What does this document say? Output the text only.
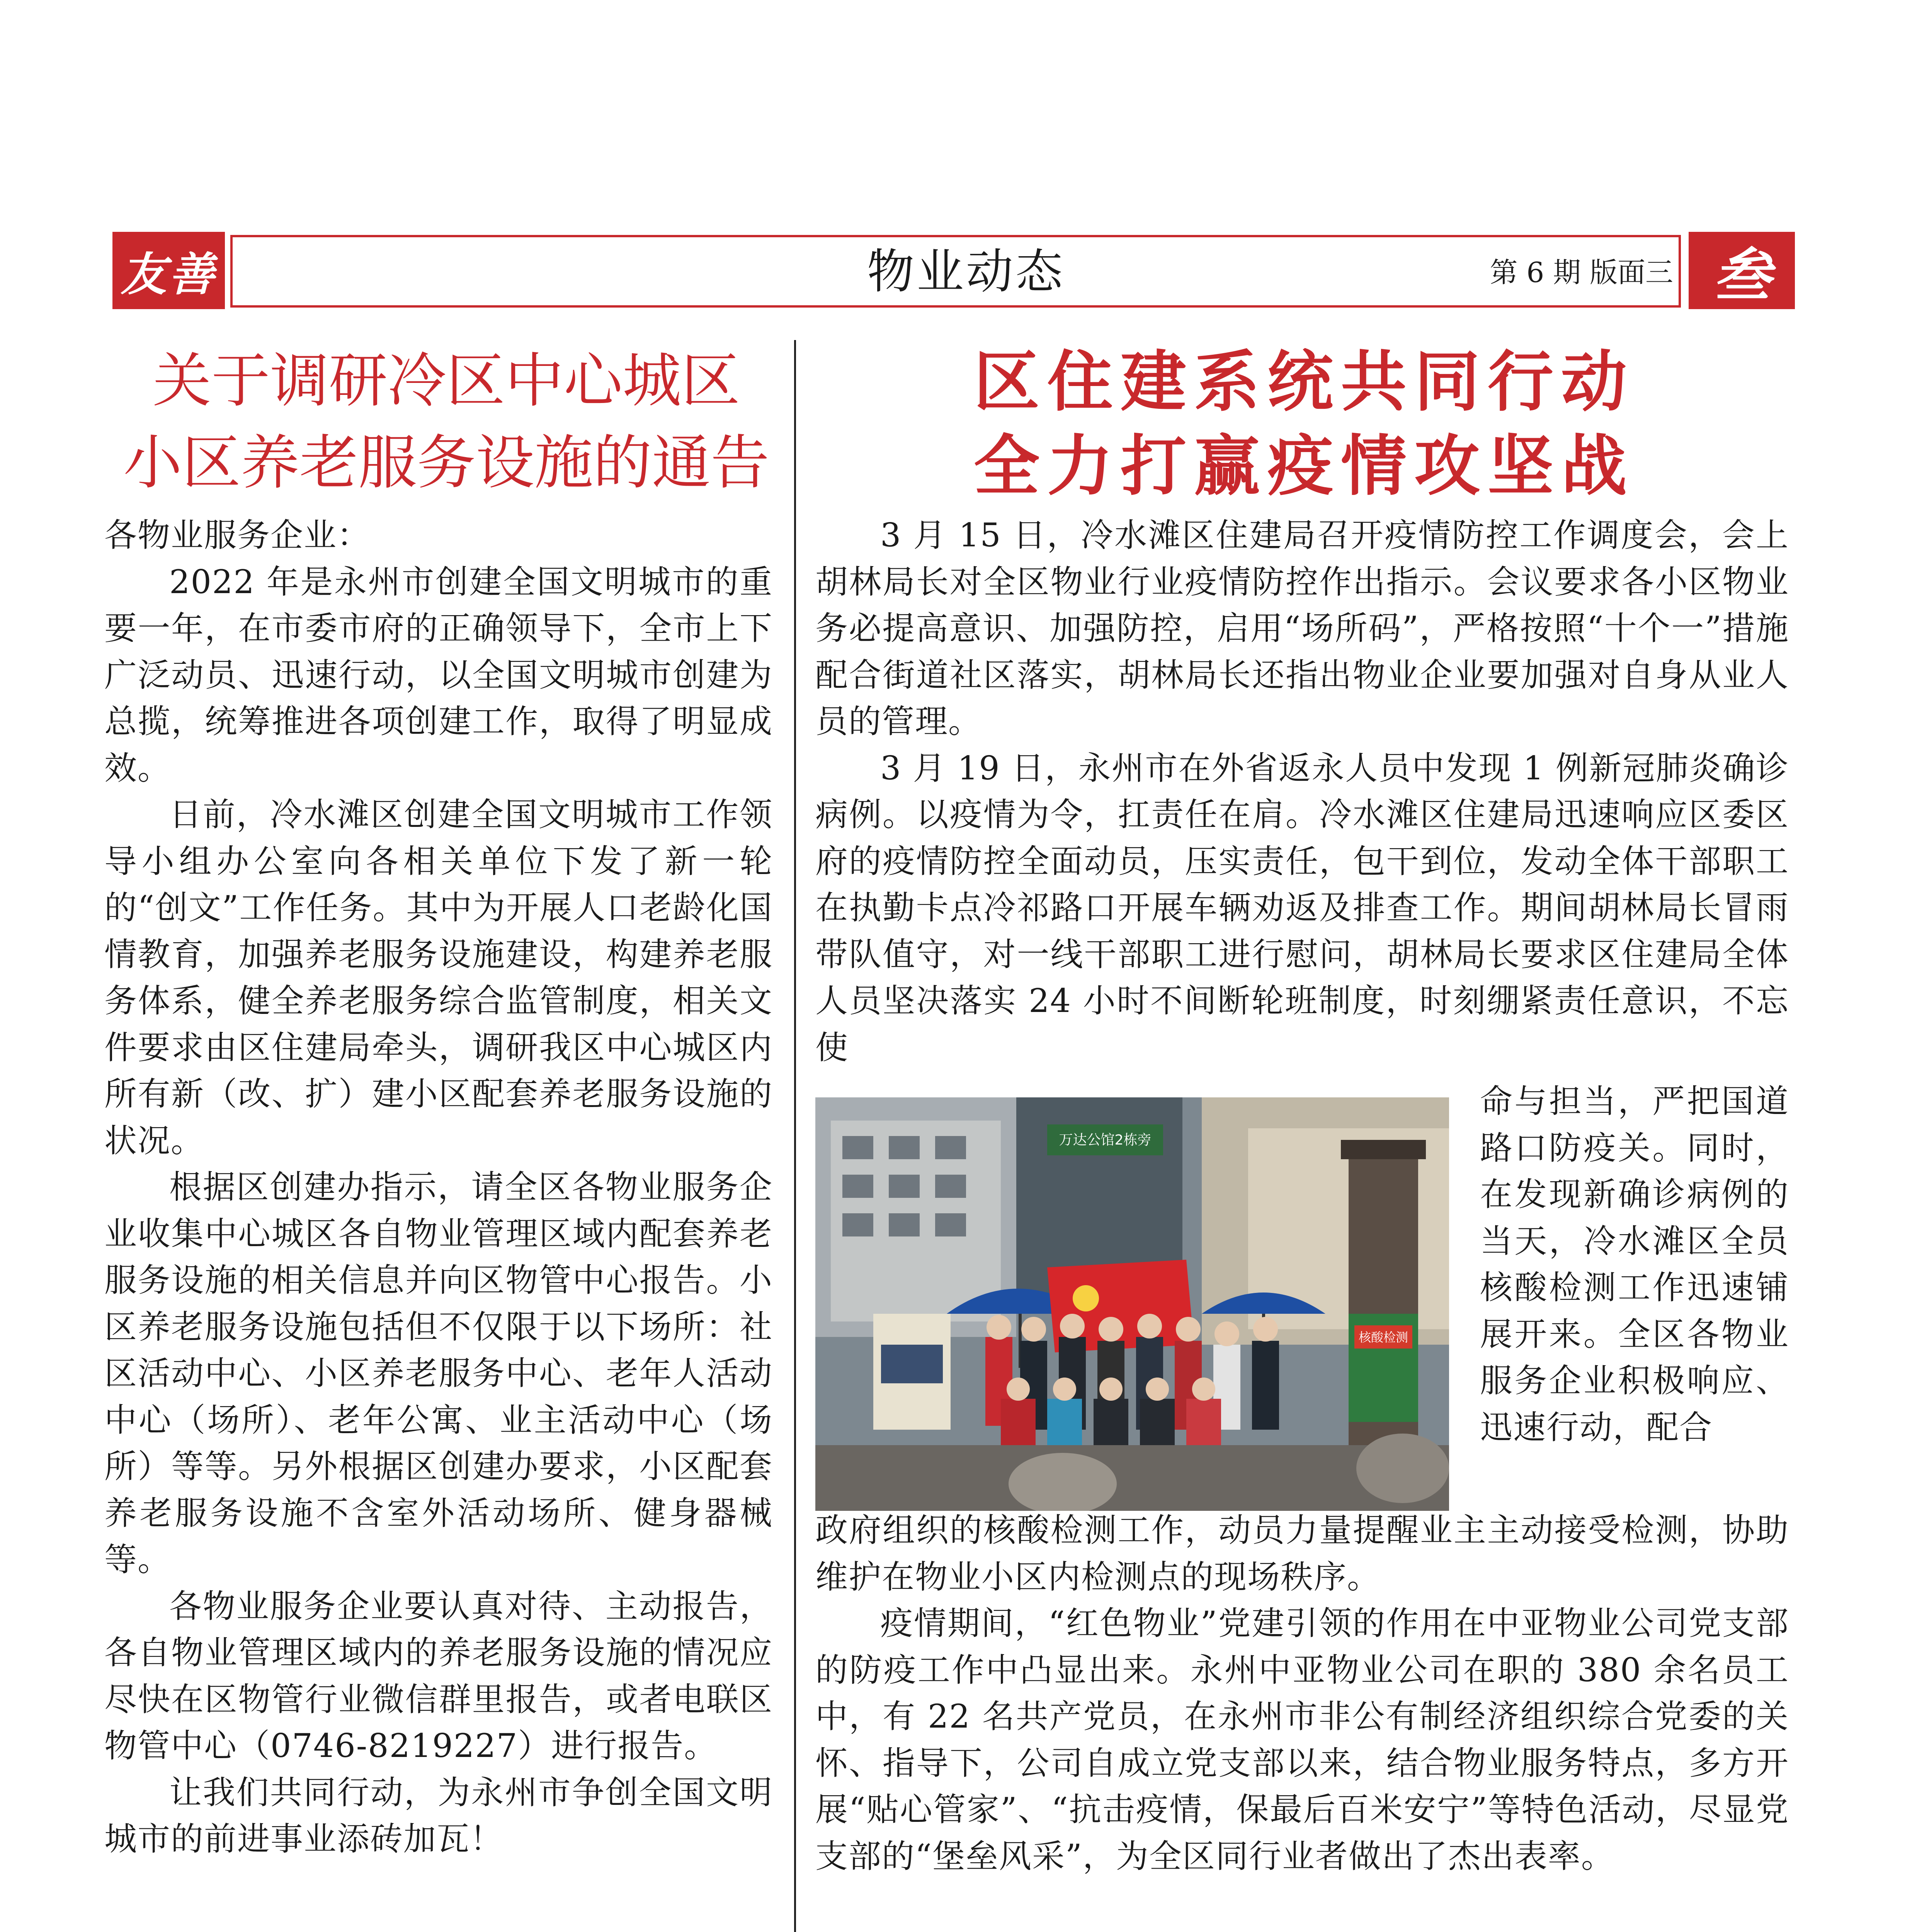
友善	物业动态	第 6 期 版面三 叁
关于调研冷区中心城区
小区养老服务设施的通告

各物业服务企业：

2022 年是永州市创建全国文明城市的重要一年，在市委市府的正确领导下，全市上下广泛动员、迅速行动，以全国文明城市创建为总揽，统筹推进各项创建工作，取得了明显成效。

日前，冷水滩区创建全国文明城市工作领导小组办公室向各相关单位下发了新一轮的“创文”工作任务。其中为开展人口老龄化国情教育，加强养老服务设施建设，构建养老服务体系，健全养老服务综合监管制度，相关文件要求由区住建局牵头，调研我区中心城区内所有新（改、扩）建小区配套养老服务设施的状况。

根据区创建办指示，请全区各物业服务企业收集中心城区各自物业管理区域内配套养老服务设施的相关信息并向区物管中心报告。小区养老服务设施包括但不仅限于以下场所：社区活动中心、小区养老服务中心、老年人活动中心（场所）、老年公寓、业主活动中心（场所）等等。另外根据区创建办要求，小区配套养老服务设施不含室外活动场所、健身器械等。

各物业服务企业要认真对待、主动报告，各自物业管理区域内的养老服务设施的情况应尽快在区物管行业微信群里报告，或者电联区物管中心（0746-8219227）进行报告。

让我们共同行动，为永州市争创全国文明城市的前进事业添砖加瓦！

区住建系统共同行动
全力打赢疫情攻坚战

3 月 15 日，冷水滩区住建局召开疫情防控工作调度会，会上胡林局长对全区物业行业疫情防控作出指示。会议要求各小区物业务必提高意识、加强防控，启用“场所码”，严格按照“十个一”措施配合街道社区落实，胡林局长还指出物业企业要加强对自身从业人员的管理。

3 月 19 日，永州市在外省返永人员中发现 1 例新冠肺炎确诊病例。以疫情为令，扛责任在肩。冷水滩区住建局迅速响应区委区府的疫情防控全面动员，压实责任，包干到位，发动全体干部职工在执勤卡点冷祁路口开展车辆劝返及排查工作。期间胡林局长冒雨带队值守，对一线干部职工进行慰问，胡林局长要求区住建局全体人员坚决落实 24 小时不间断轮班制度，时刻绷紧责任意识，不忘使

万达公馆2栋旁
核酸检测

命与担当，严把国道路口防疫关。同时，在发现新确诊病例的当天，冷水滩区全员核酸检测工作迅速铺展开来。全区各物业服务企业积极响应、迅速行动，配合

政府组织的核酸检测工作，动员力量提醒业主主动接受检测，协助维护在物业小区内检测点的现场秩序。

疫情期间，“红色物业”党建引领的作用在中亚物业公司党支部的防疫工作中凸显出来。永州中亚物业公司在职的 380 余名员工中，有 22 名共产党员，在永州市非公有制经济组织综合党委的关怀、指导下，公司自成立党支部以来，结合物业服务特点，多方开展“贴心管家”、“抗击疫情，保最后百米安宁”等特色活动，尽显党支部的“堡垒风采”，为全区同行业者做出了杰出表率。
